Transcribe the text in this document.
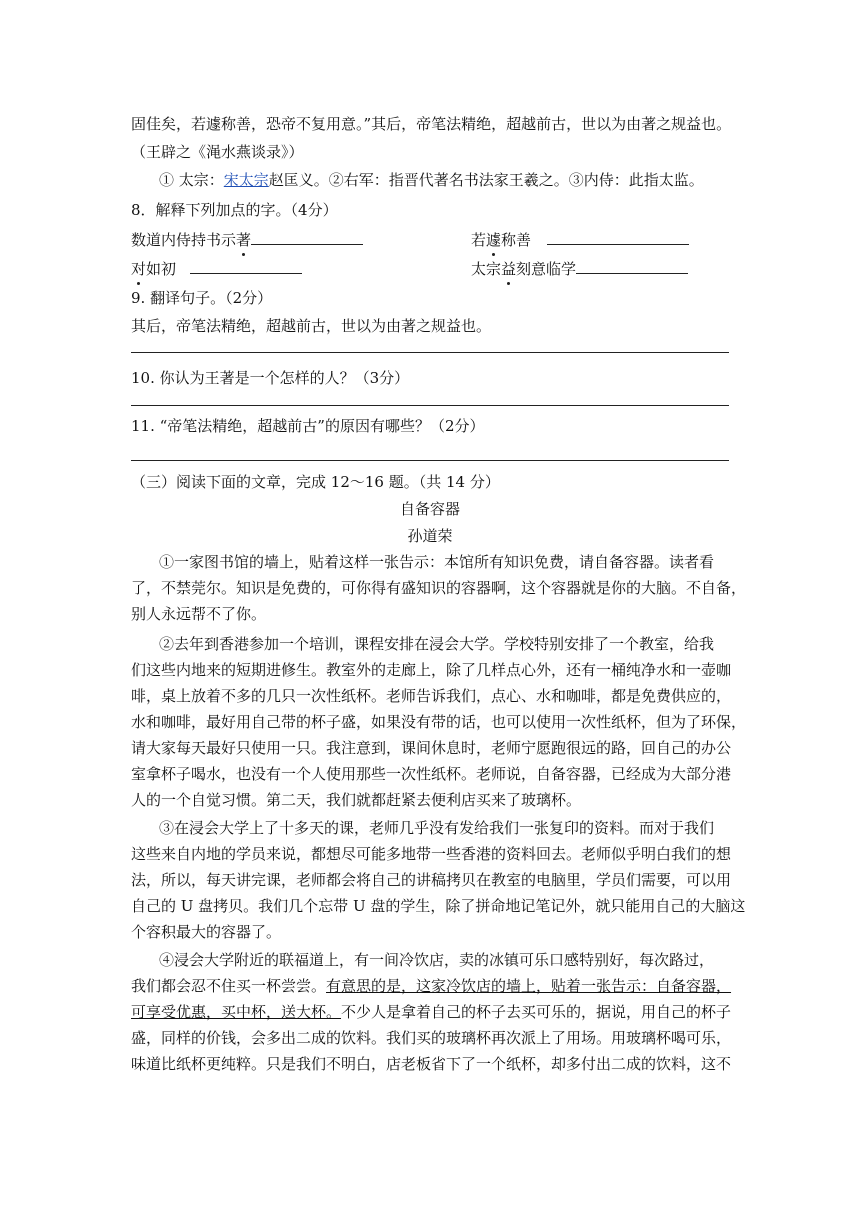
固佳矣，若遽称善，恐帝不复用意。”其后，帝笔法精绝，超越前古，世以为由著之规益也。
（王辟之《渑水燕谈录》）
① 太宗：宋太宗赵匡义。②右军：指晋代著名书法家王羲之。③内侍：此指太监。
8．解释下列加点的字。（4分）
数道内侍持书示著	若遽称善
对如初	太宗益刻意临学
9. 翻译句子。（2分）
其后，帝笔法精绝，超越前古，世以为由著之规益也。
10. 你认为王著是一个怎样的人？（3分）
11. “帝笔法精绝，超越前古”的原因有哪些？（2分）
（三）阅读下面的文章，完成 12～16 题。（共 14 分）
自备容器
孙道荣
①一家图书馆的墙上，贴着这样一张告示：本馆所有知识免费，请自备容器。读者看
了，不禁莞尔。知识是免费的，可你得有盛知识的容器啊，这个容器就是你的大脑。不自备，
别人永远帮不了你。
②去年到香港参加一个培训，课程安排在浸会大学。学校特别安排了一个教室，给我
们这些内地来的短期进修生。教室外的走廊上，除了几样点心外，还有一桶纯净水和一壶咖
啡，桌上放着不多的几只一次性纸杯。老师告诉我们，点心、水和咖啡，都是免费供应的，
水和咖啡，最好用自己带的杯子盛，如果没有带的话，也可以使用一次性纸杯，但为了环保，
请大家每天最好只使用一只。我注意到，课间休息时，老师宁愿跑很远的路，回自己的办公
室拿杯子喝水，也没有一个人使用那些一次性纸杯。老师说，自备容器，已经成为大部分港
人的一个自觉习惯。第二天，我们就都赶紧去便利店买来了玻璃杯。
③在浸会大学上了十多天的课，老师几乎没有发给我们一张复印的资料。而对于我们
这些来自内地的学员来说，都想尽可能多地带一些香港的资料回去。老师似乎明白我们的想
法，所以，每天讲完课，老师都会将自己的讲稿拷贝在教室的电脑里，学员们需要，可以用
自己的 U 盘拷贝。我们几个忘带 U 盘的学生，除了拼命地记笔记外，就只能用自己的大脑这
个容积最大的容器了。
④浸会大学附近的联福道上，有一间冷饮店，卖的冰镇可乐口感特别好，每次路过，
我们都会忍不住买一杯尝尝。有意思的是，这家冷饮店的墙上，贴着一张告示：自备容器，
可享受优惠，买中杯，送大杯。不少人是拿着自己的杯子去买可乐的，据说，用自己的杯子
盛，同样的价钱，会多出二成的饮料。我们买的玻璃杯再次派上了用场。用玻璃杯喝可乐，
味道比纸杯更纯粹。只是我们不明白，店老板省下了一个纸杯，却多付出二成的饮料，这不
